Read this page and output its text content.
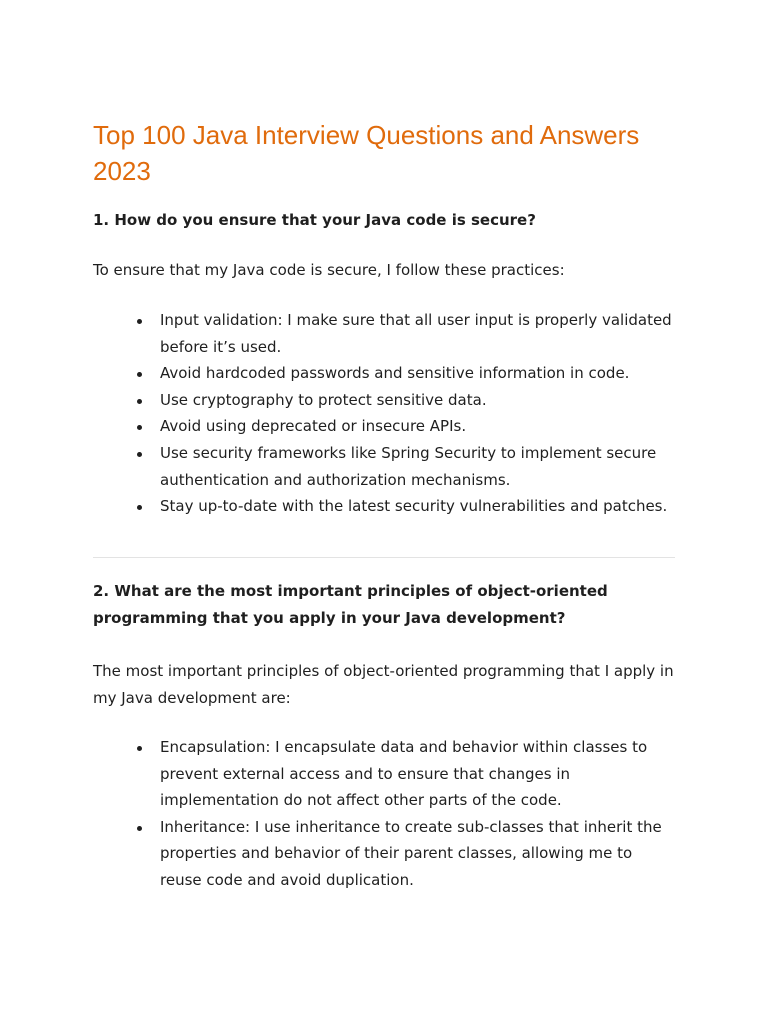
Top 100 Java Interview Questions and Answers 2023

1. How do you ensure that your Java code is secure?

To ensure that my Java code is secure, I follow these practices:

Input validation: I make sure that all user input is properly validated before it’s used.
Avoid hardcoded passwords and sensitive information in code.
Use cryptography to protect sensitive data.
Avoid using deprecated or insecure APIs.
Use security frameworks like Spring Security to implement secure authentication and authorization mechanisms.
Stay up-to-date with the latest security vulnerabilities and patches.

2. What are the most important principles of object-oriented programming that you apply in your Java development?

The most important principles of object-oriented programming that I apply in my Java development are:

Encapsulation: I encapsulate data and behavior within classes to prevent external access and to ensure that changes in implementation do not affect other parts of the code.
Inheritance: I use inheritance to create sub-classes that inherit the properties and behavior of their parent classes, allowing me to reuse code and avoid duplication.
